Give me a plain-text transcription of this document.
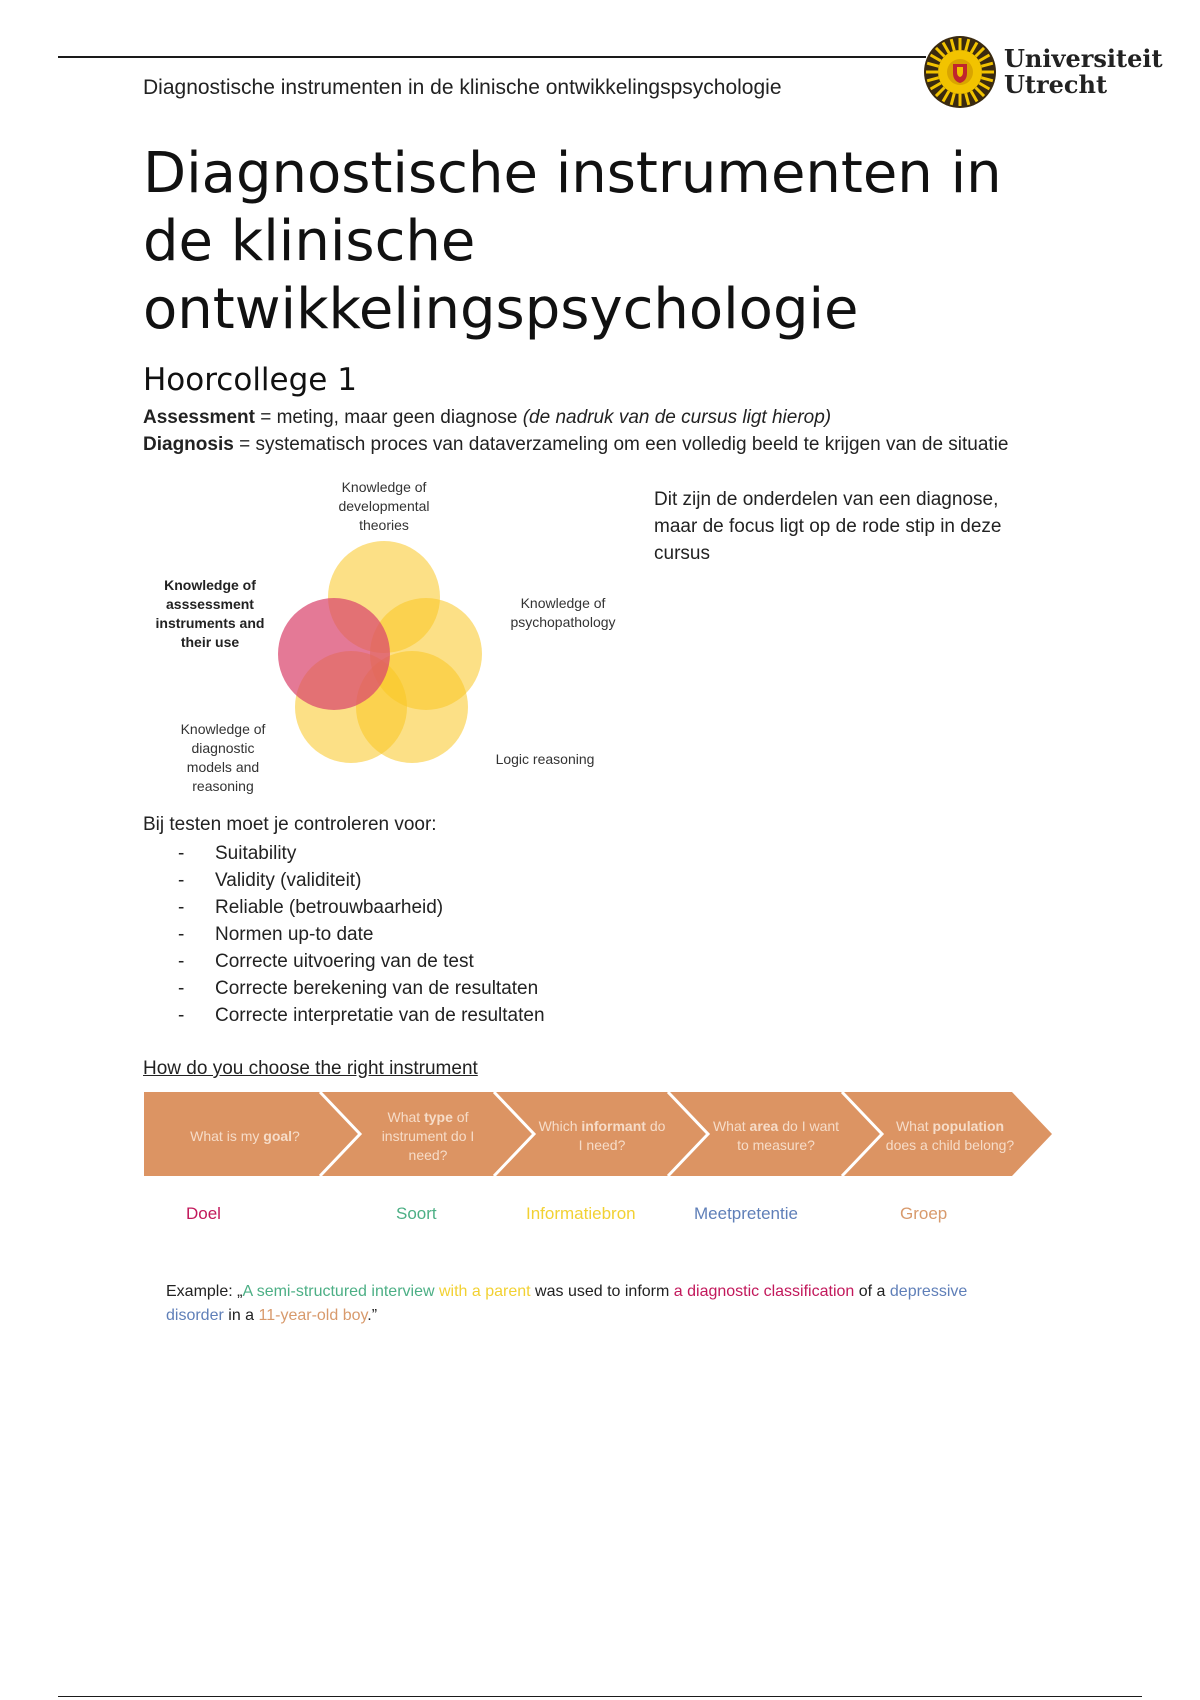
Diagnostische instrumenten in de klinische ontwikkelingspsychologie
Universiteit
Utrecht
Diagnostische instrumenten in de klinische ontwikkelingspsychologie
Hoorcollege 1
Assessment = meting, maar geen diagnose (de nadruk van de cursus ligt hierop)
Diagnosis = systematisch proces van dataverzameling om een volledig beeld te krijgen van de situatie
Knowledge of developmental theories
Knowledge of psychopathology
Logic reasoning
Knowledge of diagnostic models and reasoning
Knowledge of asssessment instruments and their use
Dit zijn de onderdelen van een diagnose, maar de focus ligt op de rode stip in deze cursus
Bij testen moet je controleren voor:
- Suitability
- Validity (validiteit)
- Reliable (betrouwbaarheid)
- Normen up-to date
- Correcte uitvoering van de test
- Correcte berekening van de resultaten
- Correcte interpretatie van de resultaten
How do you choose the right instrument
What is my goal?
What type of instrument do I need?
Which informant do I need?
What area do I want to measure?
What population does a child belong?
Doel	Soort	Informatiebron	Meetpretentie	Groep
Example: „A semi-structured interview with a parent was used to inform a diagnostic classification of a depressive disorder in a 11-year-old boy.”
